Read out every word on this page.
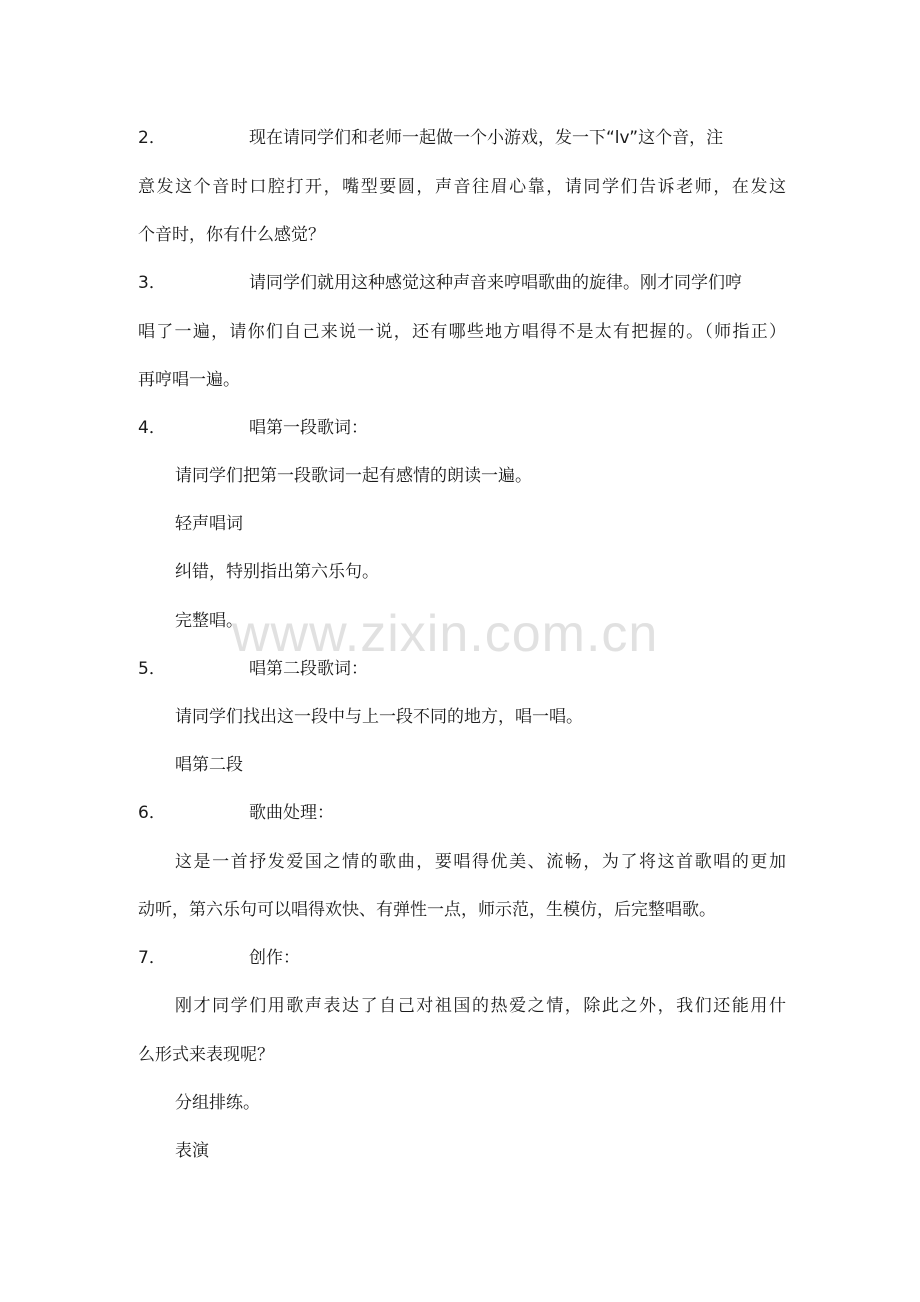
2．	现在请同学们和老师一起做一个小游戏，发一下“lv”这个音，注
意发这个音时口腔打开，嘴型要圆，声音往眉心靠，请同学们告诉老师，在发这
个音时，你有什么感觉？
3．	请同学们就用这种感觉这种声音来哼唱歌曲的旋律。刚才同学们哼
唱了一遍，请你们自己来说一说，还有哪些地方唱得不是太有把握的。（师指正）
再哼唱一遍。
4．	唱第一段歌词：
请同学们把第一段歌词一起有感情的朗读一遍。
轻声唱词
纠错，特别指出第六乐句。
完整唱。
5．	唱第二段歌词：
请同学们找出这一段中与上一段不同的地方，唱一唱。
唱第二段
6．	歌曲处理：
这是一首抒发爱国之情的歌曲，要唱得优美、流畅，为了将这首歌唱的更加
动听，第六乐句可以唱得欢快、有弹性一点，师示范，生模仿，后完整唱歌。
7．	创作：
刚才同学们用歌声表达了自己对祖国的热爱之情，除此之外，我们还能用什
么形式来表现呢？
分组排练。
表演
www.zixin.com.cn
